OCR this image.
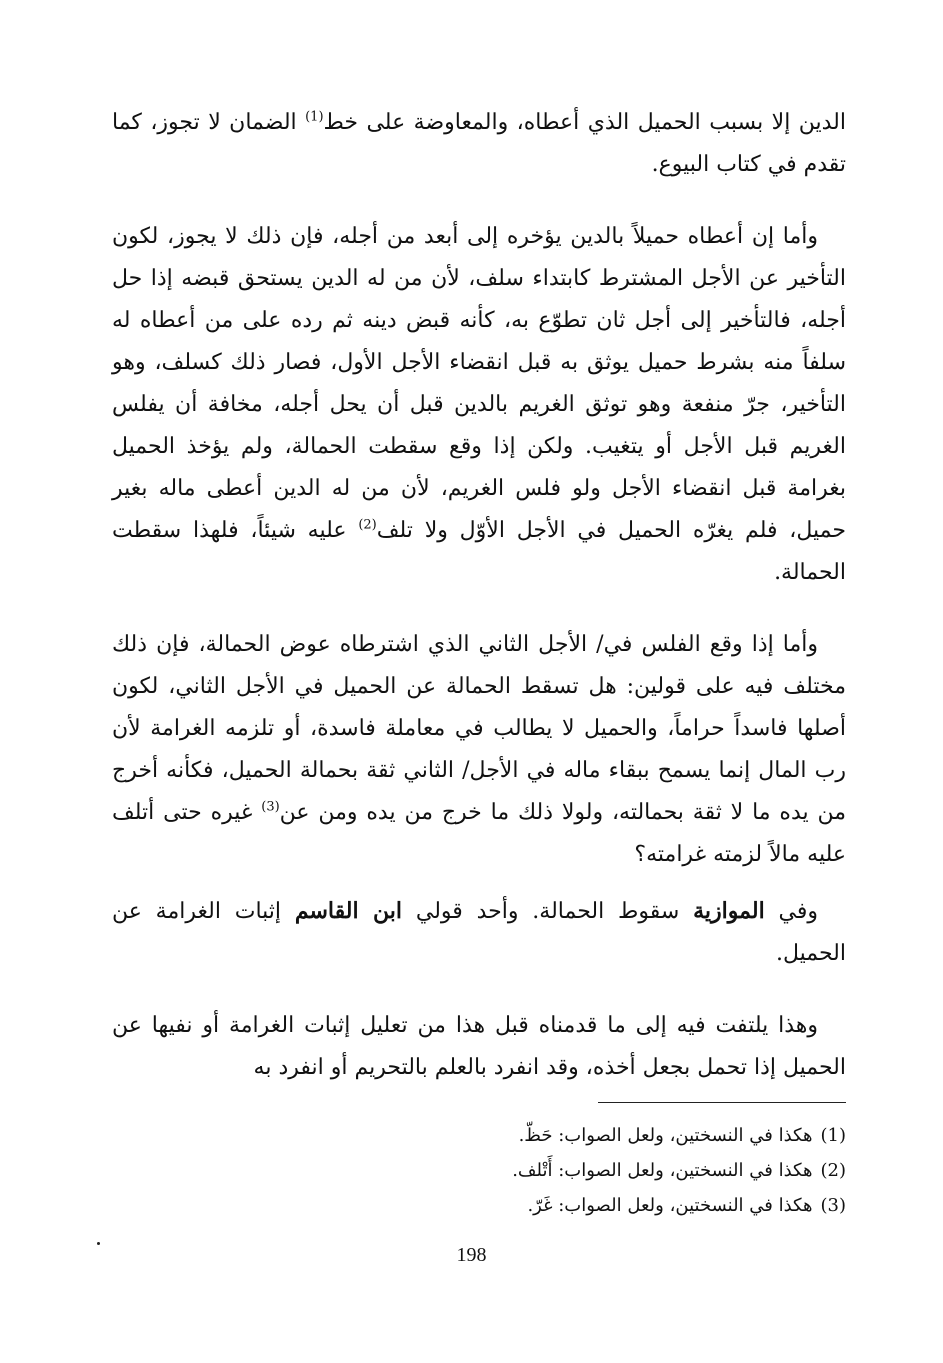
الدين إلا بسبب الحميل الذي أعطاه، والمعاوضة على خط$^{(1)}$ الضمان لا تجوز، كما تقدم في كتاب البيوع.

وأما إن أعطاه حميلاً بالدين يؤخره إلى أبعد من أجله، فإن ذلك لا يجوز، لكون التأخير عن الأجل المشترط كابتداء سلف، لأن من له الدين يستحق قبضه إذا حل أجله، فالتأخير إلى أجل ثان تطوّع به، كأنه قبض دينه ثم رده على من أعطاه له سلفاً منه بشرط حميل يوثق به قبل انقضاء الأجل الأول، فصار ذلك كسلف، وهو التأخير، جرّ منفعة وهو توثق الغريم بالدين قبل أن يحل أجله، مخافة أن يفلس الغريم قبل الأجل أو يتغيب. ولكن إذا وقع سقطت الحمالة، ولم يؤخذ الحميل بغرامة قبل انقضاء الأجل ولو فلس الغريم، لأن من له الدين أعطى ماله بغير حميل، فلم يغرّه الحميل في الأجل الأوّل ولا تلف$^{(2)}$ عليه شيئاً، فلهذا سقطت الحمالة.

وأما إذا وقع الفلس في/ الأجل الثاني الذي اشترطاه عوض الحمالة، فإن ذلك مختلف فيه على قولين: هل تسقط الحمالة عن الحميل في الأجل الثاني، لكون أصلها فاسداً حراماً، والحميل لا يطالب في معاملة فاسدة، أو تلزمه الغرامة لأن رب المال إنما يسمح ببقاء ماله في الأجل/ الثاني ثقة بحمالة الحميل، فكأنه أخرج من يده ما لا ثقة بحمالته، ولولا ذلك ما خرج من يده ومن عن$^{(3)}$ غيره حتى أتلف عليه مالاً لزمته غرامته؟

وفي الموازية سقوط الحمالة. وأحد قولي ابن القاسم إثبات الغرامة عن الحميل.

وهذا يلتفت فيه إلى ما قدمناه قبل هذا من تعليل إثبات الغرامة أو نفيها عن الحميل إذا تحمل بجعل أخذه، وقد انفرد بالعلم بالتحريم أو انفرد به

(1)هكذا في النسختين، ولعل الصواب: حَظّ.
(2)هكذا في النسختين، ولعل الصواب: أَتْلف.
(3)هكذا في النسختين، ولعل الصواب: غَرّ.
198
